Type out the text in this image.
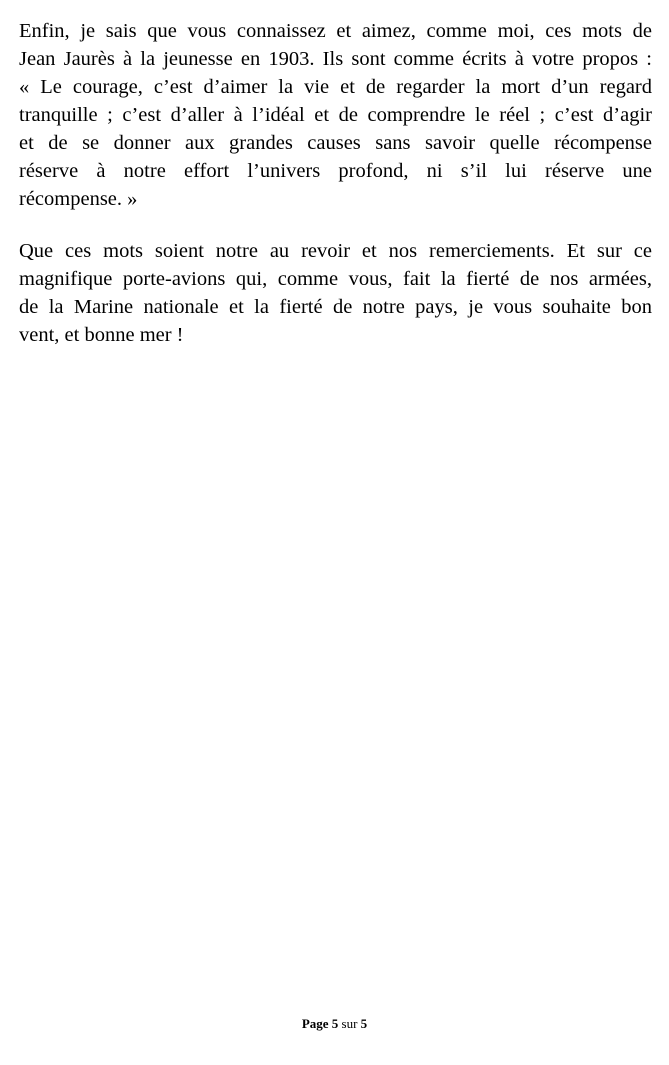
Enfin, je sais que vous connaissez et aimez, comme moi, ces mots de
Jean Jaurès à la jeunesse en 1903. Ils sont comme écrits à votre propos :
« Le courage, c’est d’aimer la vie et de regarder la mort d’un regard
tranquille ; c’est d’aller à l’idéal et de comprendre le réel ; c’est d’agir
et de se donner aux grandes causes sans savoir quelle récompense
réserve à notre effort l’univers profond, ni s’il lui réserve une
récompense. »
Que ces mots soient notre au revoir et nos remerciements. Et sur ce
magnifique porte-avions qui, comme vous, fait la fierté de nos armées,
de la Marine nationale et la fierté de notre pays, je vous souhaite bon
vent, et bonne mer !
Page 5 sur 5
